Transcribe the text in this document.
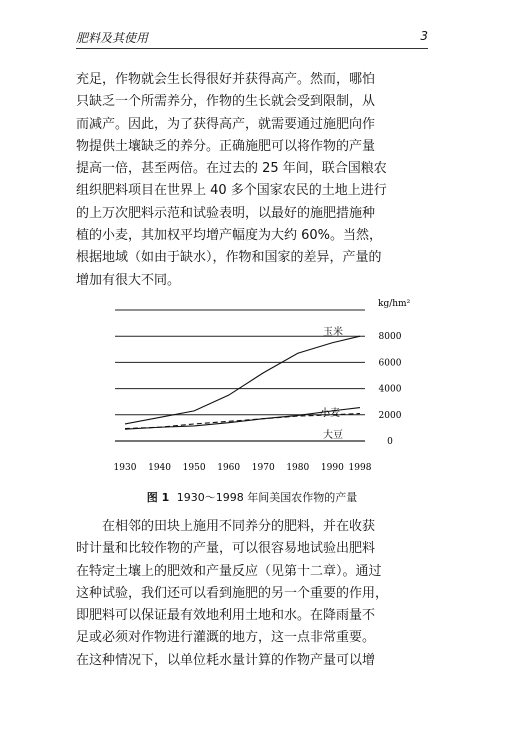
肥料及其使用	3
充足，作物就会生长得很好并获得高产。然而，哪怕
只缺乏一个所需养分，作物的生长就会受到限制，从
而减产。因此，为了获得高产，就需要通过施肥向作
物提供土壤缺乏的养分。正确施肥可以将作物的产量
提高一倍，甚至两倍。在过去的 25 年间，联合国粮农
组织肥料项目在世界上 40 多个国家农民的土地上进行
的上万次肥料示范和试验表明，以最好的施肥措施种
植的小麦，其加权平均增产幅度为大约 60%。当然，
根据地域（如由于缺水），作物和国家的差异，产量的
增加有很大不同。
8000
6000
4000
2000
0
1930 1940 1950 1960 1970 1980 1990 1998
玉米
小麦
大豆
kg/hm²
图 1 1930～1998 年间美国农作物的产量
在相邻的田块上施用不同养分的肥料，并在收获
时计量和比较作物的产量，可以很容易地试验出肥料
在特定土壤上的肥效和产量反应（见第十二章）。通过
这种试验，我们还可以看到施肥的另一个重要的作用，
即肥料可以保证最有效地利用土地和水。在降雨量不
足或必须对作物进行灌溉的地方，这一点非常重要。
在这种情况下，以单位耗水量计算的作物产量可以增
